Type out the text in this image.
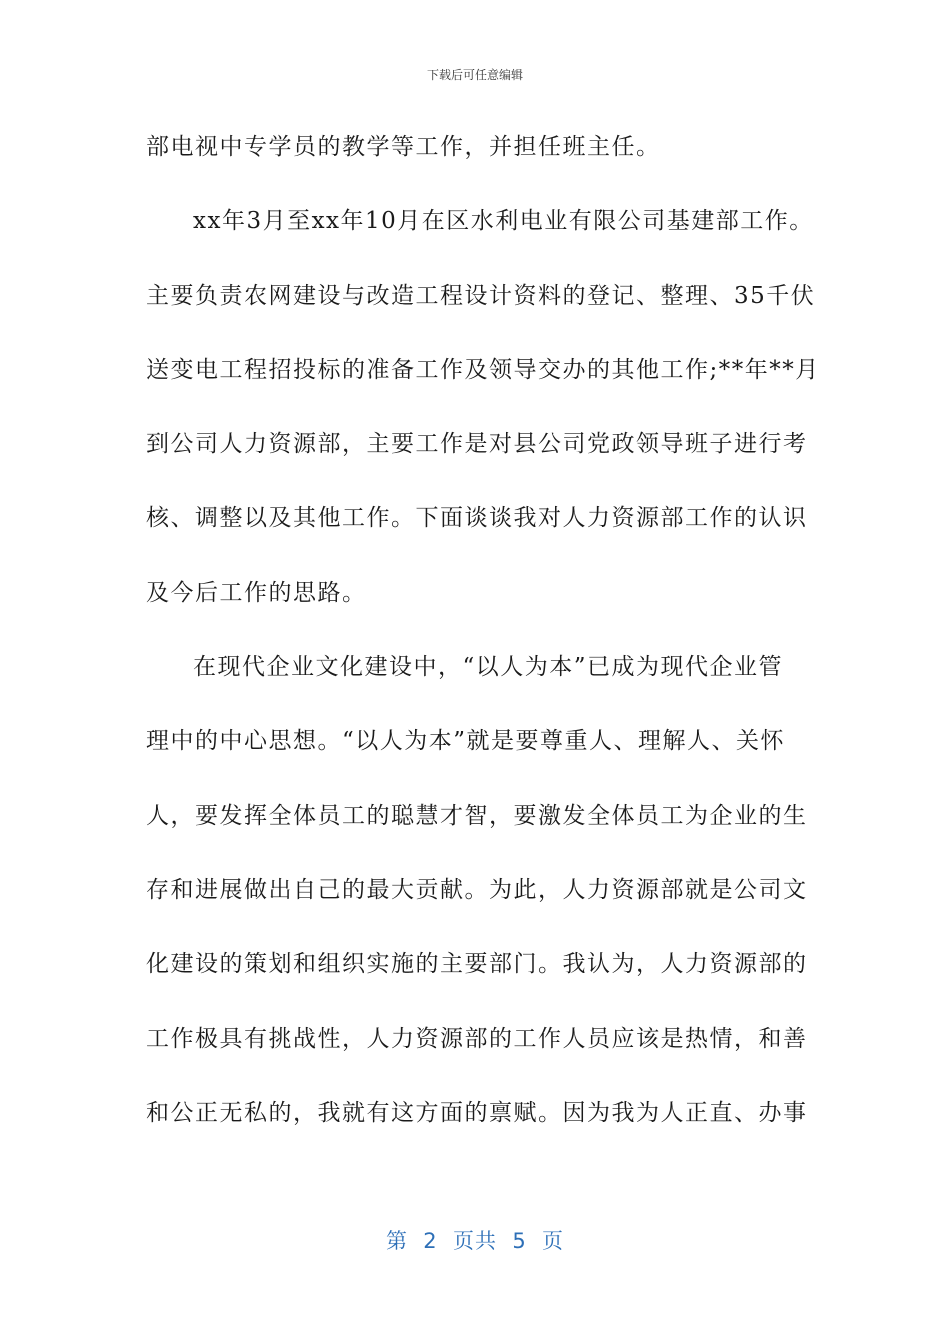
下载后可任意编辑
部电视中专学员的教学等工作，并担任班主任。
xx年3月至xx年10月在区水利电业有限公司基建部工作。
主要负责农网建设与改造工程设计资料的登记、整理、35千伏
送变电工程招投标的准备工作及领导交办的其他工作;**年**月
到公司人力资源部，主要工作是对县公司党政领导班子进行考
核、调整以及其他工作。下面谈谈我对人力资源部工作的认识
及今后工作的思路。
在现代企业文化建设中，“以人为本”已成为现代企业管
理中的中心思想。“以人为本”就是要尊重人、理解人、关怀
人，要发挥全体员工的聪慧才智，要激发全体员工为企业的生
存和进展做出自己的最大贡献。为此，人力资源部就是公司文
化建设的策划和组织实施的主要部门。我认为，人力资源部的
工作极具有挑战性，人力资源部的工作人员应该是热情，和善
和公正无私的，我就有这方面的禀赋。因为我为人正直、办事
第  2  页共  5  页
